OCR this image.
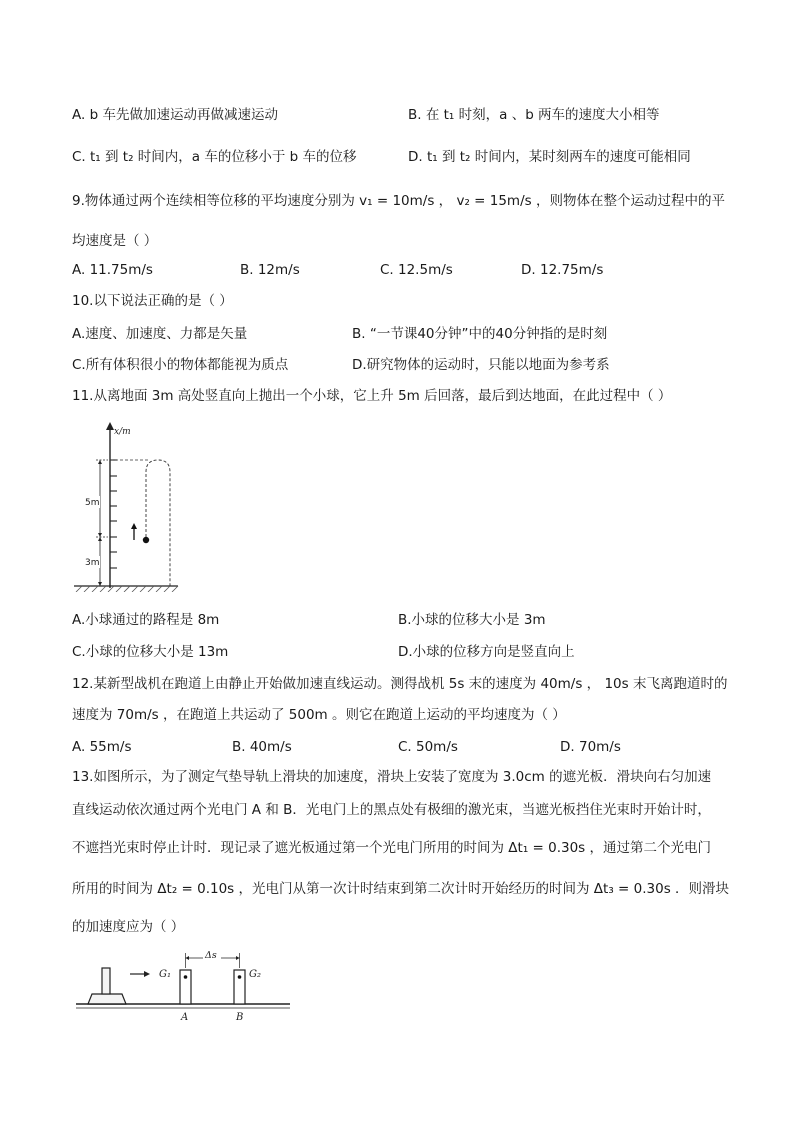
A. b 车先做加速运动再做减速运动	B. 在 t₁ 时刻，a 、b 两车的速度大小相等
C. t₁ 到 t₂ 时间内，a 车的位移小于 b 车的位移	D. t₁ 到 t₂ 时间内，某时刻两车的速度可能相同
9.物体通过两个连续相等位移的平均速度分别为 v₁ = 10m/s ， v₂ = 15m/s ，则物体在整个运动过程中的平
均速度是（ ）
A. 11.75m/s	B. 12m/s	C. 12.5m/s	D. 12.75m/s
10.以下说法正确的是（ ）
A.速度、加速度、力都是矢量	B. “一节课40分钟”中的40分钟指的是时刻
C.所有体积很小的物体都能视为质点	D.研究物体的运动时，只能以地面为参考系
11.从离地面 3m 高处竖直向上抛出一个小球，它上升 5m 后回落，最后到达地面，在此过程中（ ）
x/m
5m
3m
A.小球通过的路程是 8m	B.小球的位移大小是 3m
C.小球的位移大小是 13m	D.小球的位移方向是竖直向上
12.某新型战机在跑道上由静止开始做加速直线运动。测得战机 5s 末的速度为 40m/s ， 10s 末飞离跑道时的
速度为 70m/s ，在跑道上共运动了 500m 。则它在跑道上运动的平均速度为（ ）
A. 55m/s	B. 40m/s	C. 50m/s	D. 70m/s
13.如图所示，为了测定气垫导轨上滑块的加速度，滑块上安装了宽度为 3.0cm 的遮光板．滑块向右匀加速
直线运动依次通过两个光电门 A 和 B．光电门上的黑点处有极细的激光束，当遮光板挡住光束时开始计时，
不遮挡光束时停止计时．现记录了遮光板通过第一个光电门所用的时间为 Δt₁ = 0.30s ，通过第二个光电门
所用的时间为 Δt₂ = 0.10s ，光电门从第一次计时结束到第二次计时开始经历的时间为 Δt₃ = 0.30s ．则滑块
的加速度应为（ ）
G₁
A
G₂
B
Δs
